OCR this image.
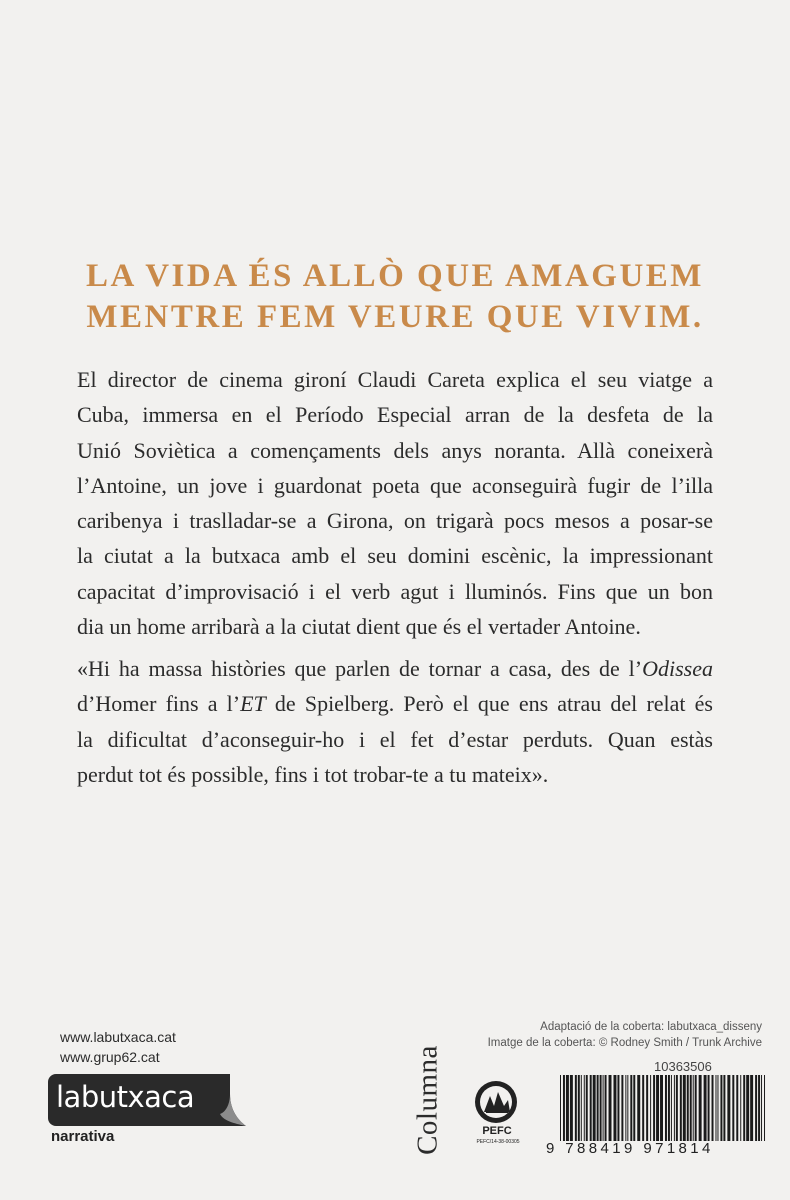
LA VIDA ÉS ALLÒ QUE AMAGUEM
MENTRE FEM VEURE QUE VIVIM.

El director de cinema gironí Claudi Careta explica el seu viatge a
Cuba, immersa en el Período Especial arran de la desfeta de la
Unió Soviètica a començaments dels anys noranta. Allà coneixerà
l’Antoine, un jove i guardonat poeta que aconseguirà fugir de l’illa
caribenya i traslladar-se a Girona, on trigarà pocs mesos a posar-se
la ciutat a la butxaca amb el seu domini escènic, la impressionant
capacitat d’improvisació i el verb agut i lluminós. Fins que un bon
dia un home arribarà a la ciutat dient que és el vertader Antoine.

«Hi ha massa històries que parlen de tornar a casa, des de l’Odissea
d’Homer fins a l’ET de Spielberg. Però el que ens atrau del relat és
la dificultat d’aconseguir-ho i el fet d’estar perduts. Quan estàs
perdut tot és possible, fins i tot trobar-te a tu mateix».

www.labutxaca.cat
www.grup62.cat
labutxaca
narrativa	Columna	PEFC
PEFC/14-38-00305
Adaptació de la coberta: labutxaca_disseny
Imatge de la coberta: © Rodney Smith / Trunk Archive
10363506
9 788419 971814
